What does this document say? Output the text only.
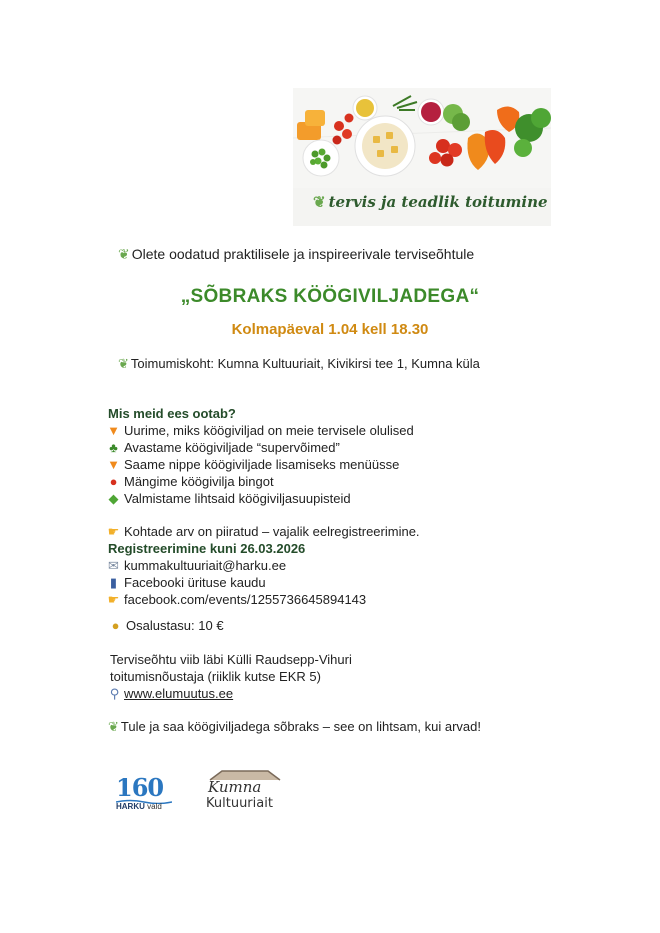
❦ tervis ja teadlik toitumine
❦ Olete oodatud praktilisele ja inspireerivale terviseõhtule
„SÕBRAKS KÖÖGIVILJADEGA“
Kolmapäeval 1.04 kell 18.30
❦ Toimumiskoht: Kumna Kultuuriait, Kivikirsi tee 1, Kumna küla
Mis meid ees ootab?
▼ Uurime, miks köögiviljad on meie tervisele olulised
♣ Avastame köögiviljade “supervõimed”
▼ Saame nippe köögiviljade lisamiseks menüüsse
● Mängime köögivilja bingot
◆ Valmistame lihtsaid köögiviljasuupisteid
☛ Kohtade arv on piiratud – vajalik eelregistreerimine.
Registreerimine kuni 26.03.2026
✉ kummakultuuriait@harku.ee
▮ Facebooki ürituse kaudu
☛ facebook.com/events/1255736645894143
● Osalustasu: 10 €
Terviseõhtu viib läbi Külli Raudsepp-Vihuri
toitumisnõustaja (riiklik kutse EKR 5)
⚲ www.elumuutus.ee
❦ Tule ja saa köögiviljadega sõbraks – see on lihtsam, kui arvad!
160
HARKU vald
Kumna
Kultuuriait
